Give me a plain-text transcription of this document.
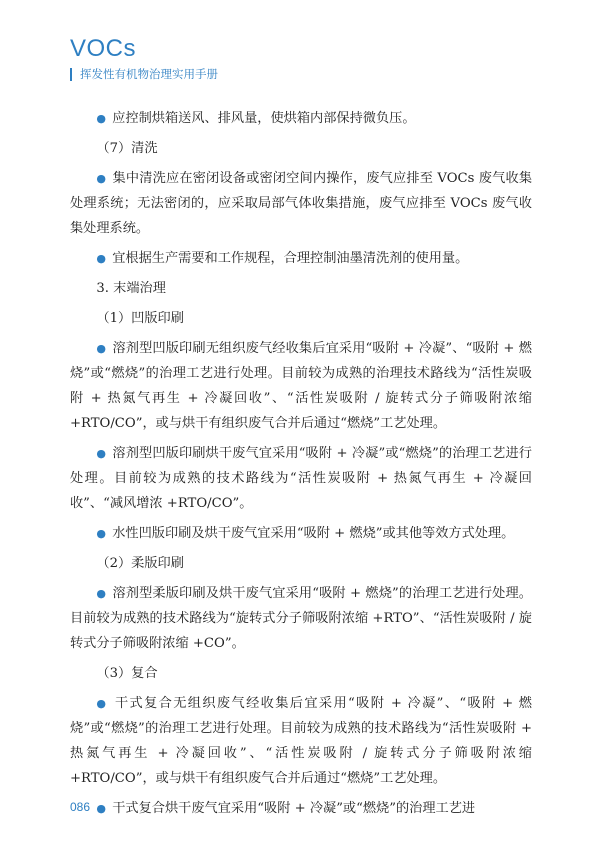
VOCs
挥发性有机物治理实用手册

● 应控制烘箱送风、排风量，使烘箱内部保持微负压。

（7）清洗

● 集中清洗应在密闭设备或密闭空间内操作，废气应排至 VOCs 废气收集处理系统；无法密闭的，应采取局部气体收集措施，废气应排至 VOCs 废气收集处理系统。

● 宜根据生产需要和工作规程，合理控制油墨清洗剂的使用量。

3. 末端治理
（1）凹版印刷

● 溶剂型凹版印刷无组织废气经收集后宜采用“吸附 + 冷凝”、“吸附 + 燃烧”或“燃烧”的治理工艺进行处理。目前较为成熟的治理技术路线为“活性炭吸附 + 热氮气再生 + 冷凝回收”、“活性炭吸附 / 旋转式分子筛吸附浓缩 +RTO/CO”，或与烘干有组织废气合并后通过“燃烧”工艺处理。

● 溶剂型凹版印刷烘干废气宜采用“吸附 + 冷凝”或“燃烧”的治理工艺进行处理。目前较为成熟的技术路线为“活性炭吸附 + 热氮气再生 + 冷凝回收”、“减风增浓 +RTO/CO”。

● 水性凹版印刷及烘干废气宜采用“吸附 + 燃烧”或其他等效方式处理。

（2）柔版印刷

● 溶剂型柔版印刷及烘干废气宜采用“吸附 + 燃烧”的治理工艺进行处理。目前较为成熟的技术路线为“旋转式分子筛吸附浓缩 +RTO”、“活性炭吸附 / 旋转式分子筛吸附浓缩 +CO”。

（3）复合

● 干式复合无组织废气经收集后宜采用“吸附 + 冷凝”、“吸附 + 燃烧”或“燃烧”的治理工艺进行处理。目前较为成熟的技术路线为“活性炭吸附 + 热氮气再生 + 冷凝回收”、“活性炭吸附 / 旋转式分子筛吸附浓缩 +RTO/CO”，或与烘干有组织废气合并后通过“燃烧”工艺处理。

● 干式复合烘干废气宜采用“吸附 + 冷凝”或“燃烧”的治理工艺进

086
